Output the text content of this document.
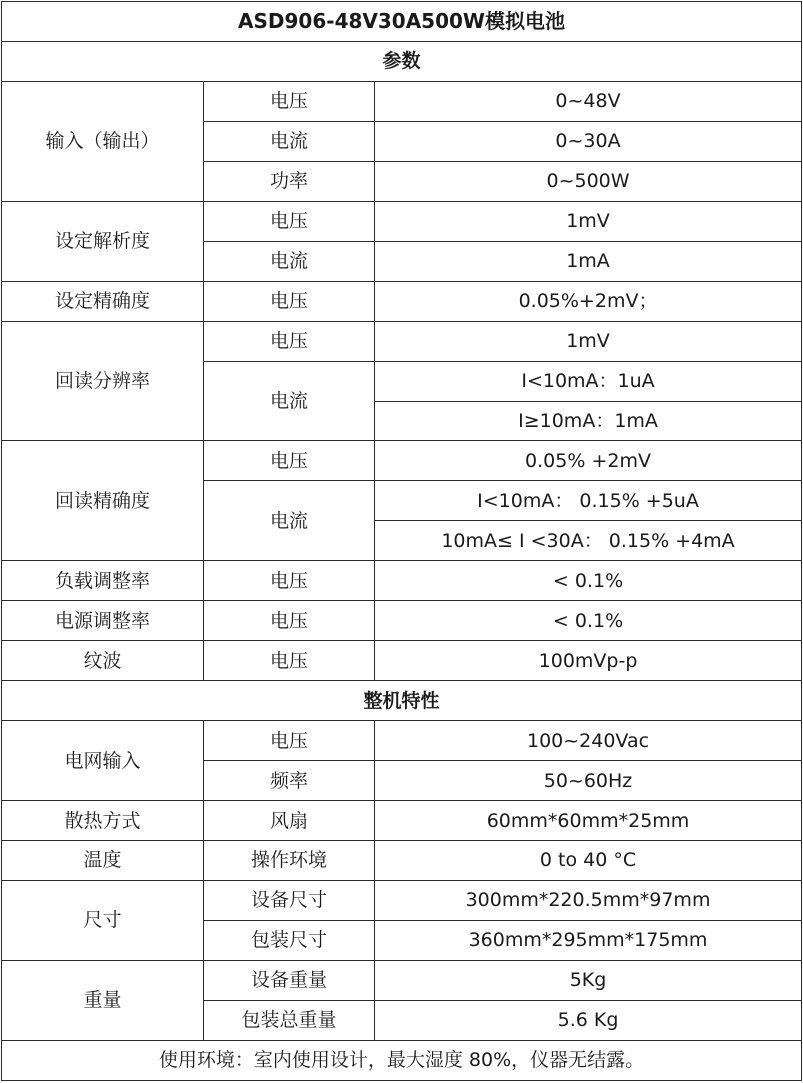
ASD906-48V30A500W模拟电池		
参数		
输入（输出）	电压	0~48V
	电流	0~30A
	功率	0~500W
设定解析度	电压	1mV
	电流	1mA
设定精确度	电压	0.05%+2mV；
回读分辨率	电压	1mV
	电流	I<10mA：1uA
		I≥10mA：1mA
回读精确度	电压	0.05% +2mV
	电流	I<10mA： 0.15% +5uA
		10mA≤ I <30A： 0.15% +4mA
负载调整率	电压	< 0.1%
电源调整率	电压	< 0.1%
纹波	电压	100mVp-p
整机特性		
电网输入	电压	100~240Vac
	频率	50~60Hz
散热方式	风扇	60mm*60mm*25mm
温度	操作环境	0 to 40 °C
尺寸	设备尺寸	300mm*220.5mm*97mm
	包装尺寸	360mm*295mm*175mm
重量	设备重量	5Kg
	包装总重量	5.6 Kg
使用环境：室内使用设计，最大湿度 80%，仪器无结露。		
